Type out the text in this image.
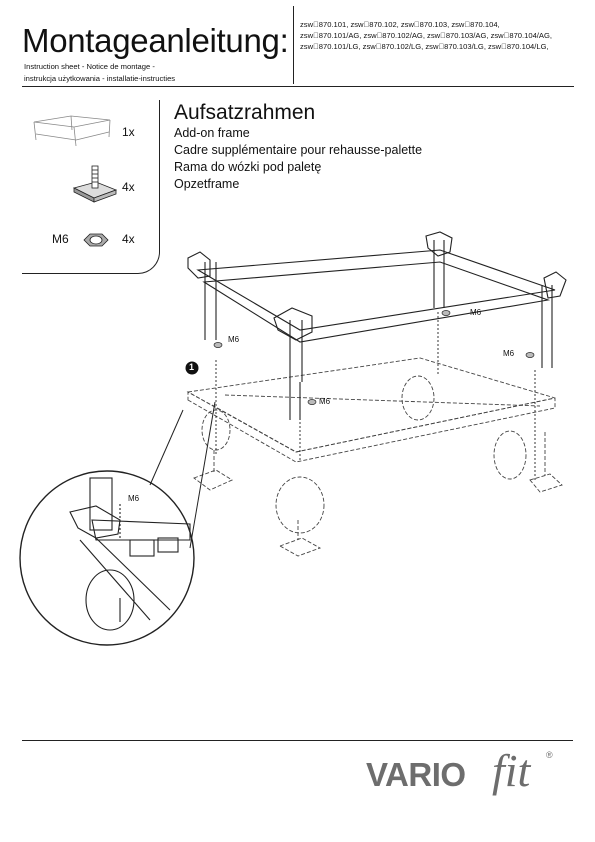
Montageanleitung:
Instruction sheet - Notice de montage -
instrukcja użytkowania - installatie-instructies
zsw 870.101, zsw 870.102, zsw 870.103, zsw 870.104,
zsw 870.101/AG, zsw 870.102/AG, zsw 870.103/AG, zsw 870.104/AG,
zsw 870.101/LG, zsw 870.102/LG, zsw 870.103/LG, zsw 870.104/LG,
1x
4x
M6	4x
Aufsatzrahmen
Add-on frame
Cadre supplémentaire pour rehausse-palette
Rama do wózki pod paletę
Opzetframe
1
M6
M6
M6
M6
M6
VARIO fit ®
